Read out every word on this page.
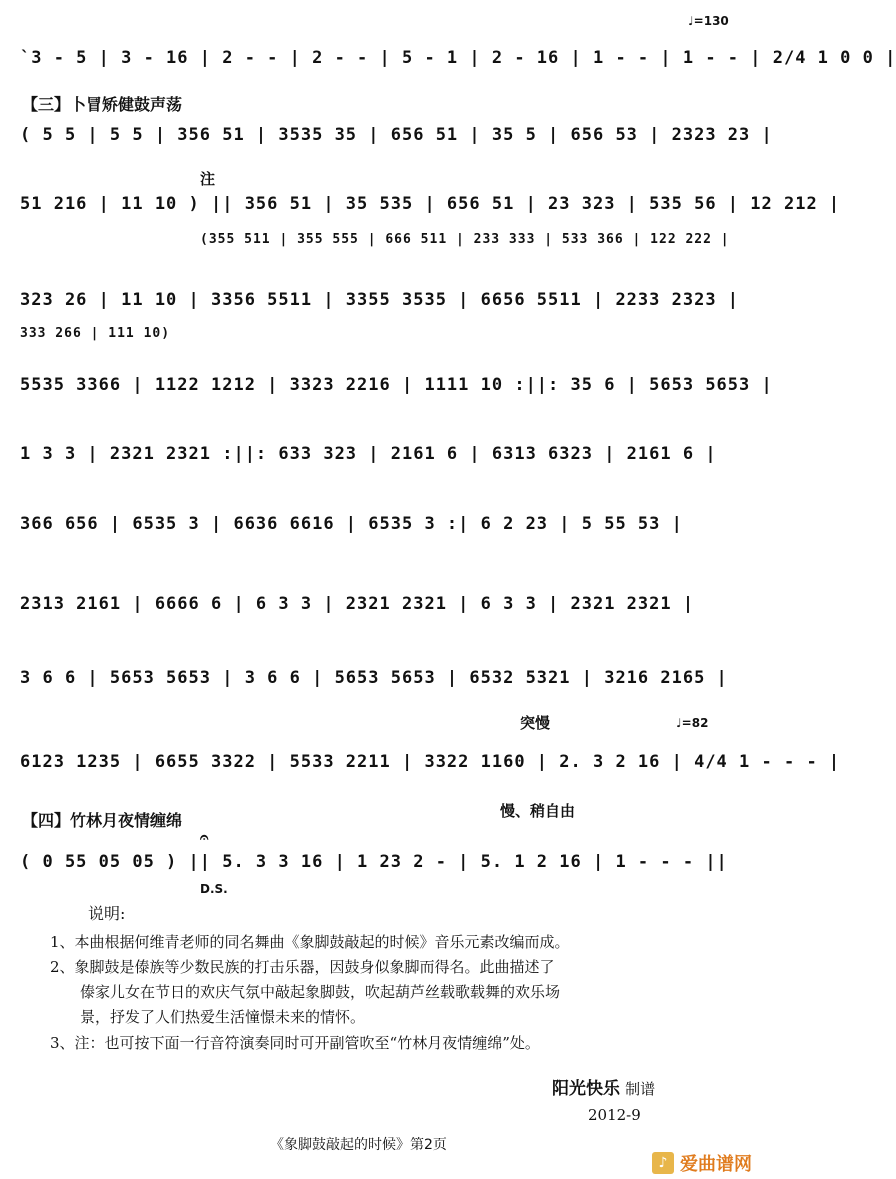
♩=130
`3 - 5 | 3 - 16 | 2 - - | 2 - - | 5 - 1 | 2 - 16 | 1 - - | 1 - - | 2/4 1 0 0 |
【三】卜冒矫健鼓声荡
( 5 5 | 5 5 | 356 51 | 3535 35 | 656 51 | 35 5 | 656 53 | 2323 23 |
注
51 216 | 11 10 ) || 356 51 | 35 535 | 656 51 | 23 323 | 535 56 | 12 212 |
(355 511 | 355 555 | 666 511 | 233 333 | 533 366 | 122 222 |
323 26 | 11 10 | 3356 5511 | 3355 3535 | 6656 5511 | 2233 2323 |
333 266 | 111 10)
5535 3366 | 1122 1212 | 3323 2216 | 1111 10 :||: 35 6 | 5653 5653 |
1 3 3 | 2321 2321 :||: 633 323 | 2161 6 | 6313 6323 | 2161 6 |
366 656 | 6535 3 | 6636 6616 | 6535 3 :| 6 2 23 | 5 55 53 |
2313 2161 | 6666 6 | 6 3 3 | 2321 2321 | 6 3 3 | 2321 2321 |
3 6 6 | 5653 5653 | 3 6 6 | 5653 5653 | 6532 5321 | 3216 2165 |
突慢	♩=82
6123 1235 | 6655 3322 | 5533 2211 | 3322 1160 | 2. 3 2 16 | 4/4 1 - - - |
【四】竹林月夜情缠绵	慢、稍自由
𝄐
( 0 55 05 05 ) || 5. 3 3 16 | 1 23 2 - | 5. 1 2 16 | 1 - - - ||
D.S.
说明:
1、本曲根据何维青老师的同名舞曲《象脚鼓敲起的时候》音乐元素改编而成。
2、象脚鼓是傣族等少数民族的打击乐器，因鼓身似象脚而得名。此曲描述了
傣家儿女在节日的欢庆气氛中敲起象脚鼓，吹起葫芦丝载歌载舞的欢乐场
景，抒发了人们热爱生活憧憬未来的情怀。
3、注：也可按下面一行音符演奏同时可开副管吹至“竹林月夜情缠绵”处。
阳光快乐 制谱
2012-9
《象脚鼓敲起的时候》第2页
♪ 爱曲谱网
